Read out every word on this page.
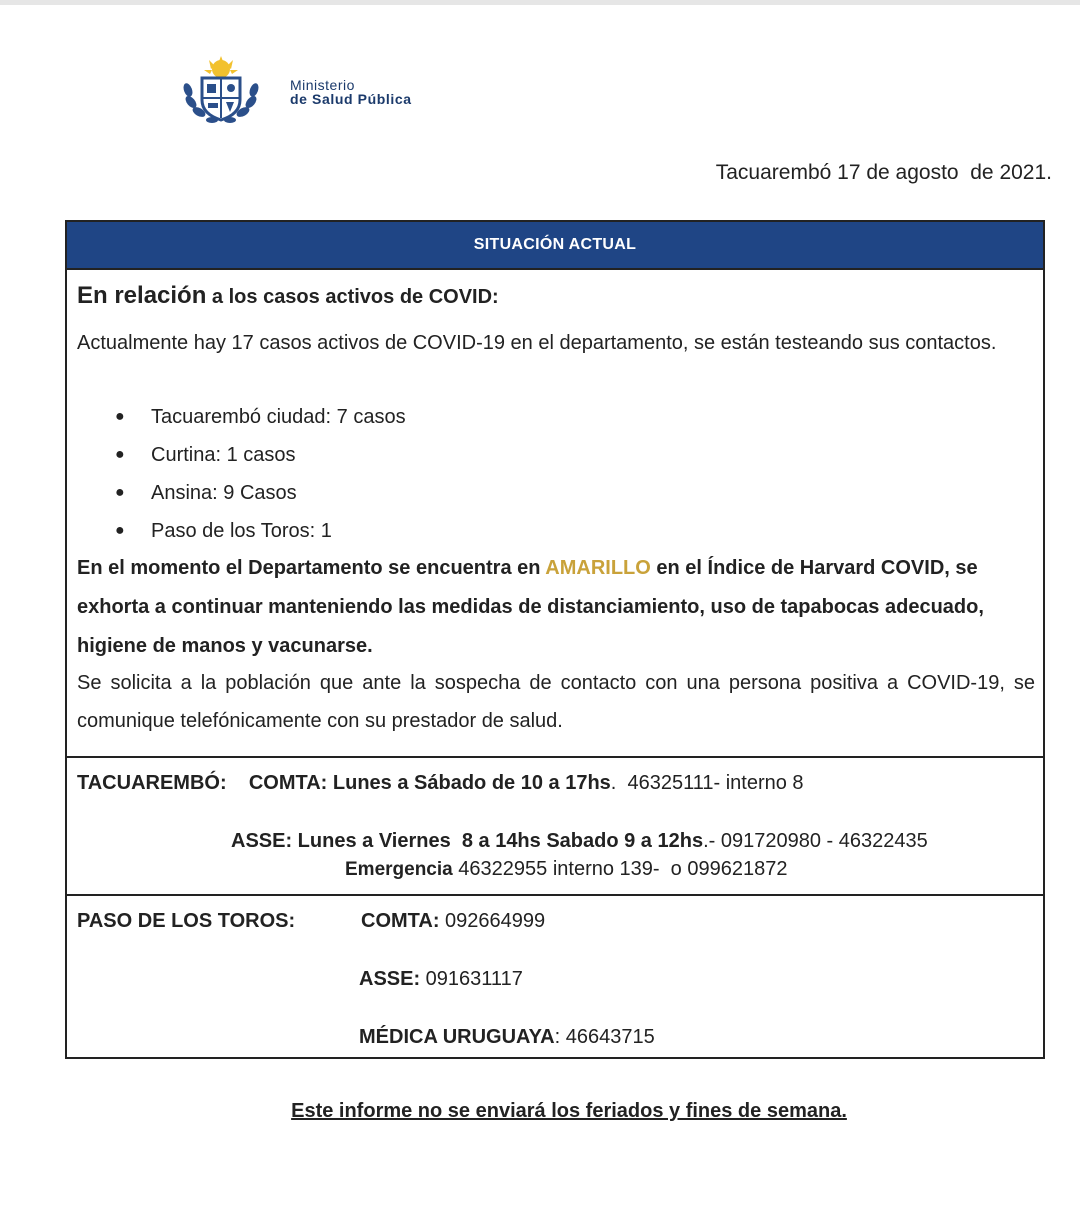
Ministerio
de Salud Pública
Tacuarembó 17 de agosto  de 2021.
SITUACIÓN ACTUAL
En relación a los casos activos de COVID:
Actualmente hay 17 casos activos de COVID-19 en el departamento, se están testeando sus contactos.
● Tacuarembó ciudad: 7 casos
● Curtina: 1 casos
● Ansina: 9 Casos
● Paso de los Toros: 1
En el momento el Departamento se encuentra en AMARILLO en el Índice de Harvard COVID, se exhorta a continuar manteniendo las medidas de distanciamiento, uso de tapabocas adecuado, higiene de manos y vacunarse.
Se solicita a la población que ante la sospecha de contacto con una persona positiva a COVID-19, se comunique telefónicamente con su prestador de salud.
TACUAREMBÓ: COMTA: Lunes a Sábado de 10 a 17hs.  46325111- interno 8
ASSE: Lunes a Viernes  8 a 14hs Sabado 9 a 12hs.- 091720980 - 46322435
Emergencia 46322955 interno 139-  o 099621872
PASO DE LOS TOROS:	COMTA: 092664999
ASSE: 091631117
MÉDICA URUGUAYA: 46643715
Este informe no se enviará los feriados y fines de semana.
